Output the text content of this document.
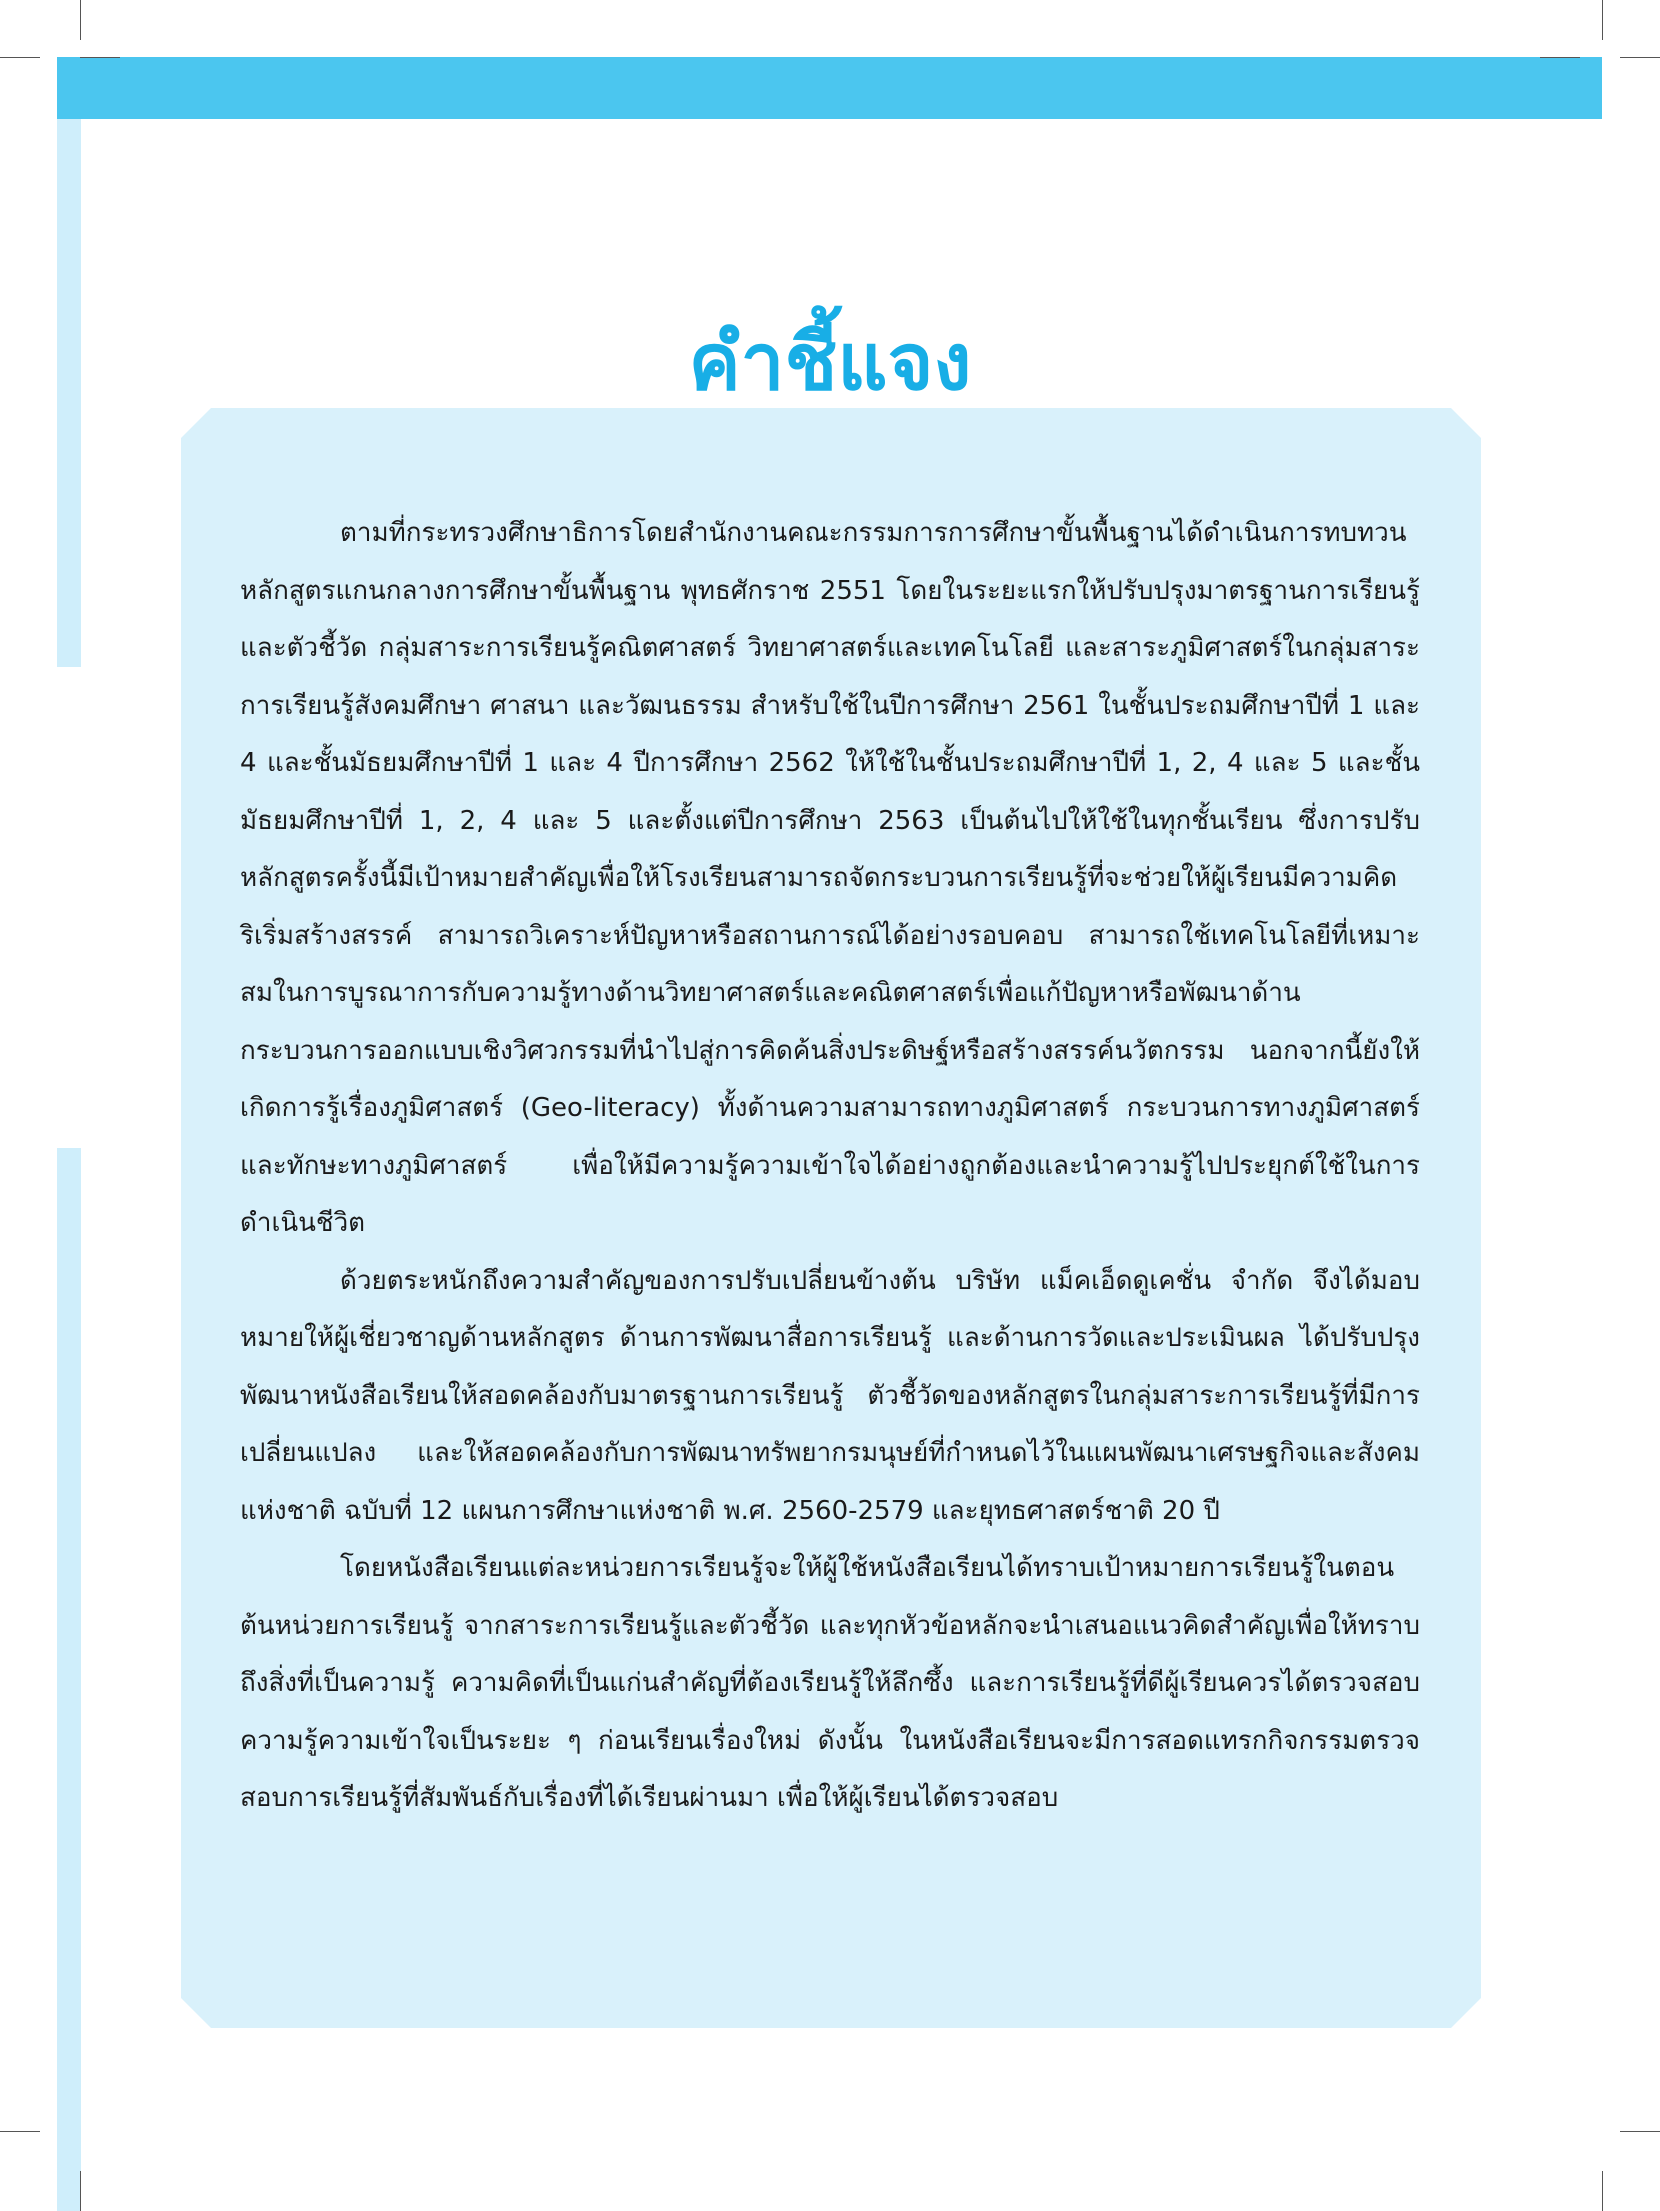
คำชี้แจง

ตามที่กระทรวงศึกษาธิการโดยสำนักงานคณะกรรมการการศึกษาขั้นพื้นฐานได้ดำเนินการทบทวนหลักสูตรแกนกลางการศึกษาขั้นพื้นฐาน พุทธศักราช 2551 โดยในระยะแรกให้ปรับปรุงมาตรฐานการเรียนรู้และตัวชี้วัด กลุ่มสาระการเรียนรู้คณิตศาสตร์ วิทยาศาสตร์และเทคโนโลยี และสาระภูมิศาสตร์ในกลุ่มสาระการเรียนรู้สังคมศึกษา ศาสนา และวัฒนธรรม สำหรับใช้ในปีการศึกษา 2561 ในชั้นประถมศึกษาปีที่ 1 และ 4 และชั้นมัธยมศึกษาปีที่ 1 และ 4 ปีการศึกษา 2562 ให้ใช้ในชั้นประถมศึกษาปีที่ 1, 2, 4 และ 5 และชั้นมัธยมศึกษาปีที่ 1, 2, 4 และ 5 และตั้งแต่ปีการศึกษา 2563 เป็นต้นไปให้ใช้ในทุกชั้นเรียน ซึ่งการปรับหลักสูตรครั้งนี้มีเป้าหมายสำคัญเพื่อให้โรงเรียนสามารถจัดกระบวนการเรียนรู้ที่จะช่วยให้ผู้เรียนมีความคิดริเริ่มสร้างสรรค์ สามารถวิเคราะห์ปัญหาหรือสถานการณ์ได้อย่างรอบคอบ สามารถใช้เทคโนโลยีที่เหมาะสมในการบูรณาการกับความรู้ทางด้านวิทยาศาสตร์และคณิตศาสตร์เพื่อแก้ปัญหาหรือพัฒนาด้านกระบวนการออกแบบเชิงวิศวกรรมที่นำไปสู่การคิดค้นสิ่งประดิษฐ์หรือสร้างสรรค์นวัตกรรม นอกจากนี้ยังให้เกิดการรู้เรื่องภูมิศาสตร์ (Geo-literacy) ทั้งด้านความสามารถทางภูมิศาสตร์ กระบวนการทางภูมิศาสตร์ และทักษะทางภูมิศาสตร์ เพื่อให้มีความรู้ความเข้าใจได้อย่างถูกต้องและนำความรู้ไปประยุกต์ใช้ในการดำเนินชีวิต

ด้วยตระหนักถึงความสำคัญของการปรับเปลี่ยนข้างต้น บริษัท แม็คเอ็ดดูเคชั่น จำกัด จึงได้มอบหมายให้ผู้เชี่ยวชาญด้านหลักสูตร ด้านการพัฒนาสื่อการเรียนรู้ และด้านการวัดและประเมินผล ได้ปรับปรุงพัฒนาหนังสือเรียนให้สอดคล้องกับมาตรฐานการเรียนรู้ ตัวชี้วัดของหลักสูตรในกลุ่มสาระการเรียนรู้ที่มีการเปลี่ยนแปลง และให้สอดคล้องกับการพัฒนาทรัพยากรมนุษย์ที่กำหนดไว้ในแผนพัฒนาเศรษฐกิจและสังคมแห่งชาติ ฉบับที่ 12 แผนการศึกษาแห่งชาติ พ.ศ. 2560-2579 และยุทธศาสตร์ชาติ 20 ปี

โดยหนังสือเรียนแต่ละหน่วยการเรียนรู้จะให้ผู้ใช้หนังสือเรียนได้ทราบเป้าหมายการเรียนรู้ในตอนต้นหน่วยการเรียนรู้ จากสาระการเรียนรู้และตัวชี้วัด และทุกหัวข้อหลักจะนำเสนอแนวคิดสำคัญเพื่อให้ทราบถึงสิ่งที่เป็นความรู้ ความคิดที่เป็นแก่นสำคัญที่ต้องเรียนรู้ให้ลึกซึ้ง และการเรียนรู้ที่ดีผู้เรียนควรได้ตรวจสอบความรู้ความเข้าใจเป็นระยะ ๆ ก่อนเรียนเรื่องใหม่ ดังนั้น ในหนังสือเรียนจะมีการสอดแทรกกิจกรรมตรวจสอบการเรียนรู้ที่สัมพันธ์กับเรื่องที่ได้เรียนผ่านมา เพื่อให้ผู้เรียนได้ตรวจสอบ
